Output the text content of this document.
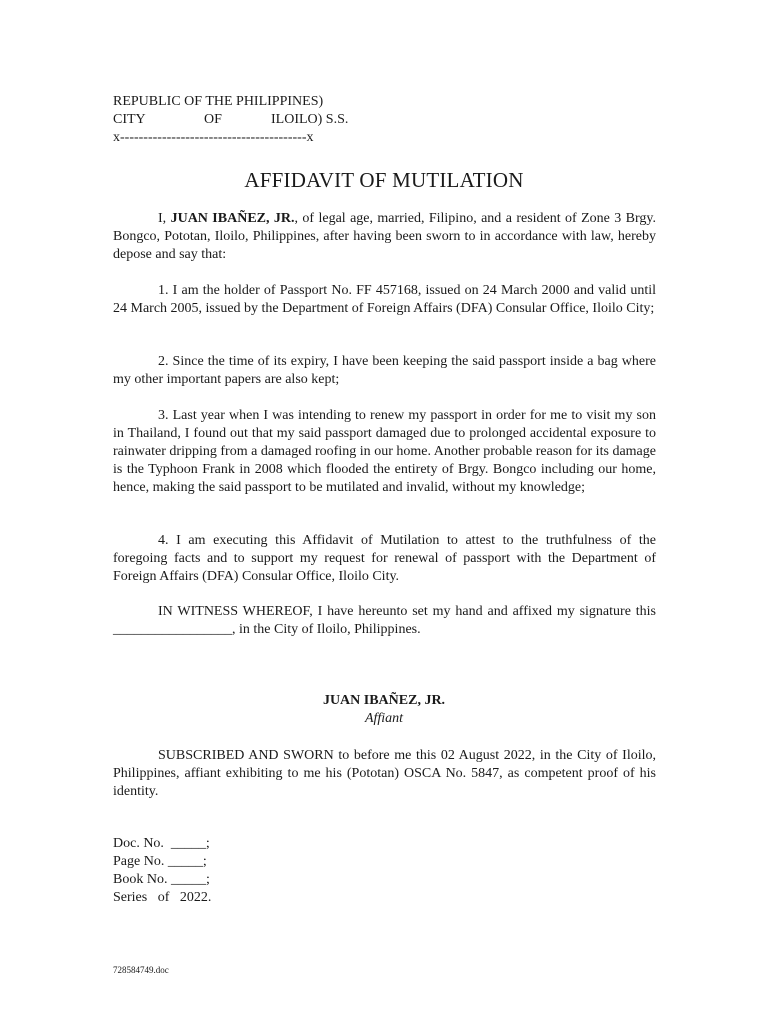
REPUBLIC OF THE PHILIPPINES)
CITY	OF	ILOILO) S.S.
x----------------------------------------x
AFFIDAVIT OF MUTILATION

I, JUAN IBAÑEZ, JR., of legal age, married, Filipino, and a resident of Zone 3 Brgy. Bongco, Pototan, Iloilo, Philippines, after having been sworn to in accordance with law, hereby depose and say that:

1. I am the holder of Passport No. FF 457168, issued on 24 March 2000 and valid until 24 March 2005, issued by the Department of Foreign Affairs (DFA) Consular Office, Iloilo City;

2. Since the time of its expiry, I have been keeping the said passport inside a bag where my other important papers are also kept;

3. Last year when I was intending to renew my passport in order for me to visit my son in Thailand, I found out that my said passport damaged due to prolonged accidental exposure to rainwater dripping from a damaged roofing in our home. Another probable reason for its damage is the Typhoon Frank in 2008 which flooded the entirety of Brgy. Bongco including our home, hence, making the said passport to be mutilated and invalid, without my knowledge;

4. I am executing this Affidavit of Mutilation to attest to the truthfulness of the foregoing facts and to support my request for renewal of passport with the Department of Foreign Affairs (DFA) Consular Office, Iloilo City.

IN WITNESS WHEREOF, I have hereunto set my hand and affixed my signature this _________________, in the City of Iloilo, Philippines.

JUAN IBAÑEZ, JR.
Affiant

SUBSCRIBED AND SWORN to before me this 02 August 2022, in the City of Iloilo, Philippines, affiant exhibiting to me his (Pototan) OSCA No. 5847, as competent proof of his identity.

Doc. No.  _____;
Page No. _____;
Book No. _____;
Series   of   2022.
728584749.doc
